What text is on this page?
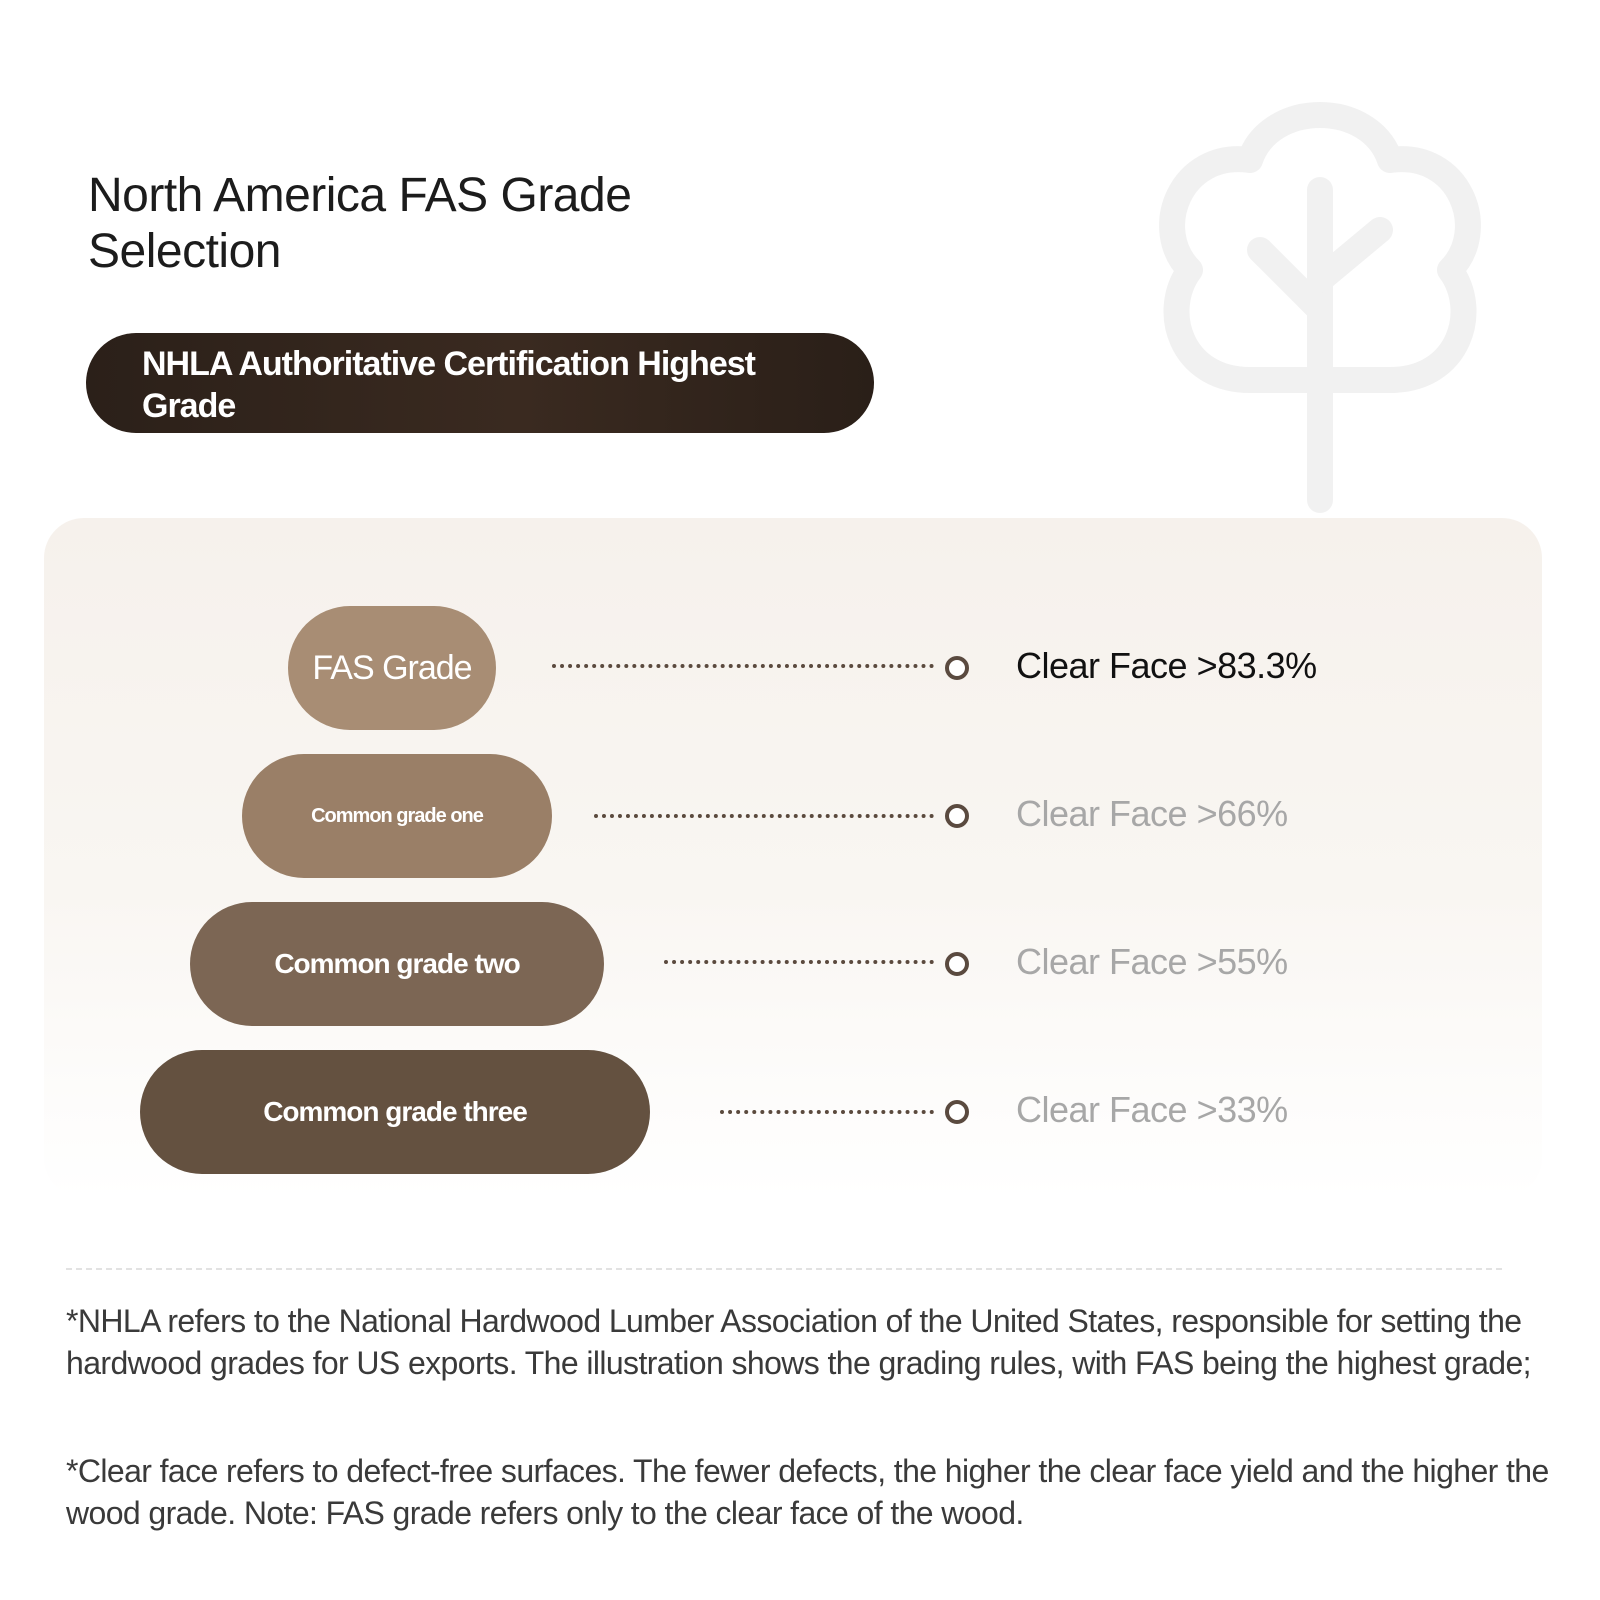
North America FAS Grade Selection
NHLA Authoritative Certification Highest Grade
FAS Grade	Clear Face >83.3%
Common grade one	Clear Face >66%
Common grade two	Clear Face >55%
Common grade three	Clear Face >33%

*NHLA refers to the National Hardwood Lumber Association of the United States, responsible for setting the hardwood grades for US exports. The illustration shows the grading rules, with FAS being the highest grade;

*Clear face refers to defect-free surfaces. The fewer defects, the higher the clear face yield and the higher the wood grade. Note: FAS grade refers only to the clear face of the wood.
